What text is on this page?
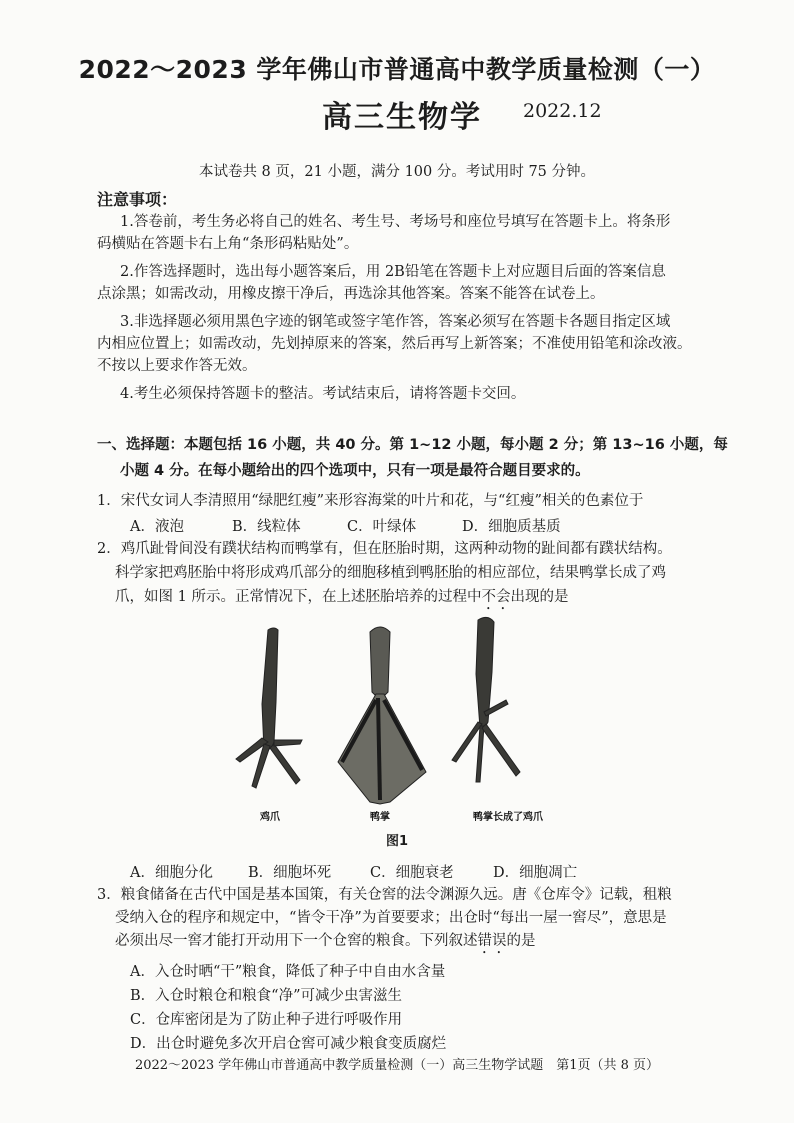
2022～2023 学年佛山市普通高中教学质量检测（一）
高三生物学 2022.12
本试卷共 8 页，21 小题，满分 100 分。考试用时 75 分钟。
注意事项：
1.答卷前，考生务必将自己的姓名、考生号、考场号和座位号填写在答题卡上。将条形
码横贴在答题卡右上角“条形码粘贴处”。
2.作答选择题时，选出每小题答案后，用 2B铅笔在答题卡上对应题目后面的答案信息
点涂黑；如需改动，用橡皮擦干净后，再选涂其他答案。答案不能答在试卷上。
3.非选择题必须用黑色字迹的钢笔或签字笔作答，答案必须写在答题卡各题目指定区域
内相应位置上；如需改动，先划掉原来的答案，然后再写上新答案；不准使用铅笔和涂改液。
不按以上要求作答无效。
4.考生必须保持答题卡的整洁。考试结束后，请将答题卡交回。
一、选择题：本题包括 16 小题，共 40 分。第 1~12 小题，每小题 2 分；第 13~16 小题，每
小题 4 分。在每小题给出的四个选项中，只有一项是最符合题目要求的。
1．宋代女词人李清照用“绿肥红瘦”来形容海棠的叶片和花，与“红瘦”相关的色素位于
A．液泡	B．线粒体	C．叶绿体	D．细胞质基质
2．鸡爪趾骨间没有蹼状结构而鸭掌有，但在胚胎时期，这两种动物的趾间都有蹼状结构。
科学家把鸡胚胎中将形成鸡爪部分的细胞移植到鸭胚胎的相应部位，结果鸭掌长成了鸡
爪，如图 1 所示。正常情况下，在上述胚胎培养的过程中不会出现的是
鸡爪	鸭掌	鸭掌长成了鸡爪
图1
A．细胞分化 B．细胞坏死	C．细胞衰老	D．细胞凋亡
3．粮食储备在古代中国是基本国策，有关仓窖的法令渊源久远。唐《仓库令》记载，租粮
受纳入仓的程序和规定中，“皆令干净”为首要要求；出仓时“每出一屋一窖尽”，意思是
必须出尽一窖才能打开动用下一个仓窖的粮食。下列叙述错误的是
A．入仓时晒“干”粮食，降低了种子中自由水含量
B．入仓时粮仓和粮食“净”可减少虫害滋生
C．仓库密闭是为了防止种子进行呼吸作用
D．出仓时避免多次开启仓窖可减少粮食变质腐烂
2022～2023 学年佛山市普通高中教学质量检测（一）高三生物学试题　第1页（共 8 页）
